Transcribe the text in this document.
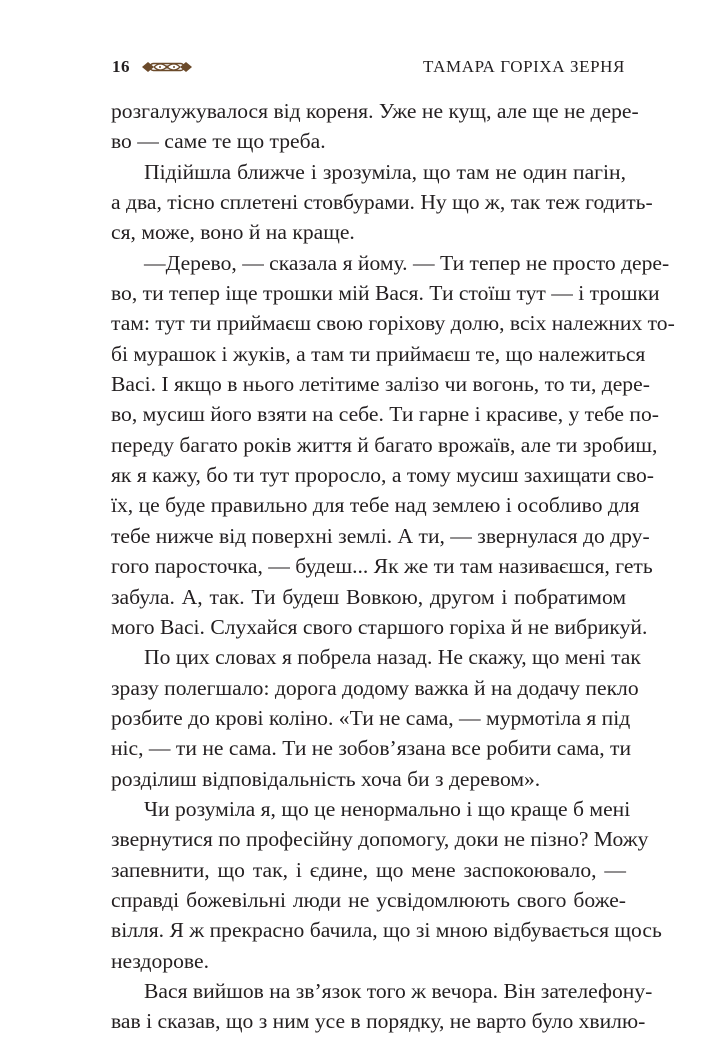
16	ТАМАРА ГОРІХА ЗЕРНЯ
розгалужувалося від кореня. Уже не кущ, але ще не дере-
во — саме те що треба.
Підійшла ближче і зрозуміла, що там не один пагін,
а два, тісно сплетені стовбурами. Ну що ж, так теж годить-
ся, може, воно й на краще.
—Дерево, — сказала я йому. — Ти тепер не просто дере-
во, ти тепер іще трошки мій Вася. Ти стоїш тут — і трошки
там: тут ти приймаєш свою горіхову долю, всіх належних то-
бі мурашок і жуків, а там ти приймаєш те, що належиться
Васі. І якщо в нього летітиме залізо чи вогонь, то ти, дере-
во, мусиш його взяти на себе. Ти гарне і красиве, у тебе по-
переду багато років життя й багато врожаїв, але ти зробиш,
як я кажу, бо ти тут проросло, а тому мусиш захищати сво-
їх, це буде правильно для тебе над землею і особливо для
тебе нижче від поверхні землі. А ти, — звернулася до дру-
гого паросточка, — будеш... Як же ти там називаєшся, геть
забула. А, так. Ти будеш Вовкою, другом і побратимом
мого Васі. Слухайся свого старшого горіха й не вибрикуй.
По цих словах я побрела назад. Не скажу, що мені так
зразу полегшало: дорога додому важка й на додачу пекло
розбите до крові коліно. «Ти не сама, — мурмотіла я під
ніс, — ти не сама. Ти не зобов’язана все робити сама, ти
розділиш відповідальність хоча би з деревом».
Чи розуміла я, що це ненормально і що краще б мені
звернутися по професійну допомогу, доки не пізно? Можу
запевнити, що так, і єдине, що мене заспокоювало, —
справді божевільні люди не усвідомлюють свого боже-
вілля. Я ж прекрасно бачила, що зі мною відбувається щось
нездорове.
Вася вийшов на зв’язок того ж вечора. Він зателефону-
вав і сказав, що з ним усе в порядку, не варто було хвилю-
